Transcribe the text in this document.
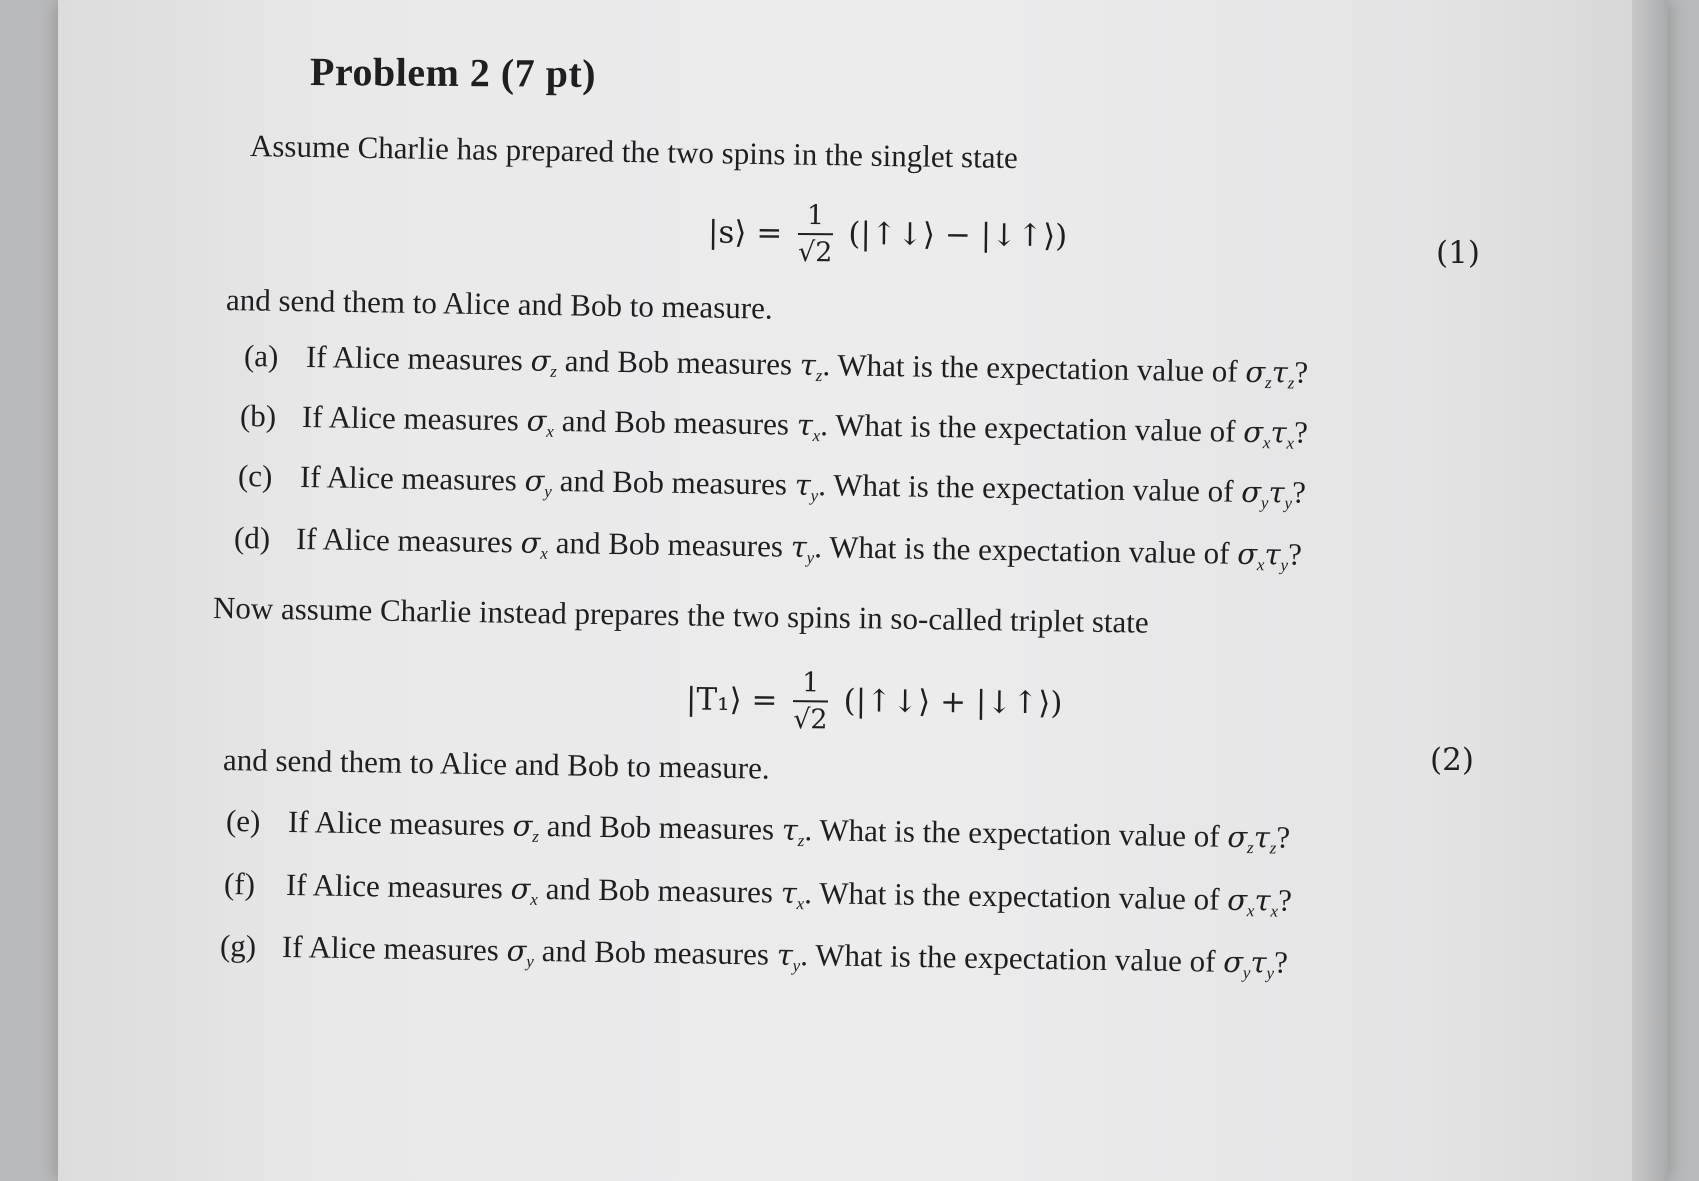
Problem 2 (7 pt)
Assume Charlie has prepared the two spins in the singlet state
|s⟩ = $\frac{1}{√2}$ (|↑↓⟩ − |↓↑⟩)	(1)
and send them to Alice and Bob to measure.
(a) If Alice measures $\sigma_z$ and Bob measures $\tau_z$. What is the expectation value of $\sigma_z\tau_z$?
(b) If Alice measures $\sigma_x$ and Bob measures $\tau_x$. What is the expectation value of $\sigma_x\tau_x$?
(c) If Alice measures $\sigma_y$ and Bob measures $\tau_y$. What is the expectation value of $\sigma_y\tau_y$?
(d) If Alice measures $\sigma_x$ and Bob measures $\tau_y$. What is the expectation value of $\sigma_x\tau_y$?
Now assume Charlie instead prepares the two spins in so-called triplet state
|T₁⟩ = $\frac{1}{√2}$ (|↑↓⟩ + |↓↑⟩)
(2)
and send them to Alice and Bob to measure.
(e) If Alice measures $\sigma_z$ and Bob measures $\tau_z$. What is the expectation value of $\sigma_z\tau_z$?
(f) If Alice measures $\sigma_x$ and Bob measures $\tau_x$. What is the expectation value of $\sigma_x\tau_x$?
(g) If Alice measures $\sigma_y$ and Bob measures $\tau_y$. What is the expectation value of $\sigma_y\tau_y$?
